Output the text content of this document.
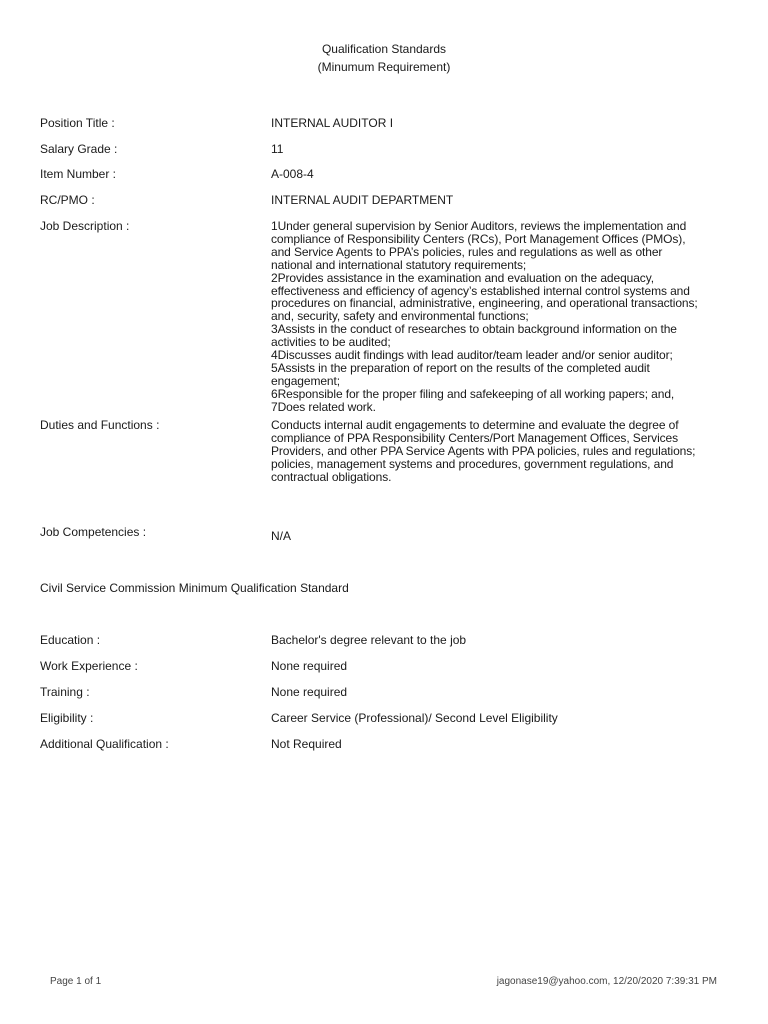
Qualification Standards
(Minumum Requirement)
Position Title :	INTERNAL AUDITOR I
Salary Grade :	11
Item Number :	A-008-4
RC/PMO :	INTERNAL AUDIT DEPARTMENT
Job Description :	1Under general supervision by Senior Auditors, reviews the implementation and
compliance of Responsibility Centers (RCs), Port Management Offices (PMOs),
and Service Agents to PPA’s policies, rules and regulations as well as other
national and international statutory requirements;
2Provides assistance in the examination and evaluation on the adequacy,
effectiveness and efficiency of agency’s established internal control systems and
procedures on financial, administrative, engineering, and operational transactions;
and, security, safety and environmental functions;
3Assists in the conduct of researches to obtain background information on the
activities to be audited;
4Discusses audit findings with lead auditor/team leader and/or senior auditor;
5Assists in the preparation of report on the results of the completed audit
engagement;
6Responsible for the proper filing and safekeeping of all working papers; and,
7Does related work.
Duties and Functions :	Conducts internal audit engagements to determine and evaluate the degree of
compliance of PPA Responsibility Centers/Port Management Offices, Services
Providers, and other PPA Service Agents with PPA policies, rules and regulations;
policies, management systems and procedures, government regulations, and
contractual obligations.
Job Competencies :	N/A
Civil Service Commission Minimum Qualification Standard
Education :	Bachelor's degree relevant to the job
Work Experience :	None required
Training :	None required
Eligibility :	Career Service (Professional)/ Second Level Eligibility
Additional Qualification :	Not Required
Page 1 of 1	jagonase19@yahoo.com, 12/20/2020 7:39:31 PM
